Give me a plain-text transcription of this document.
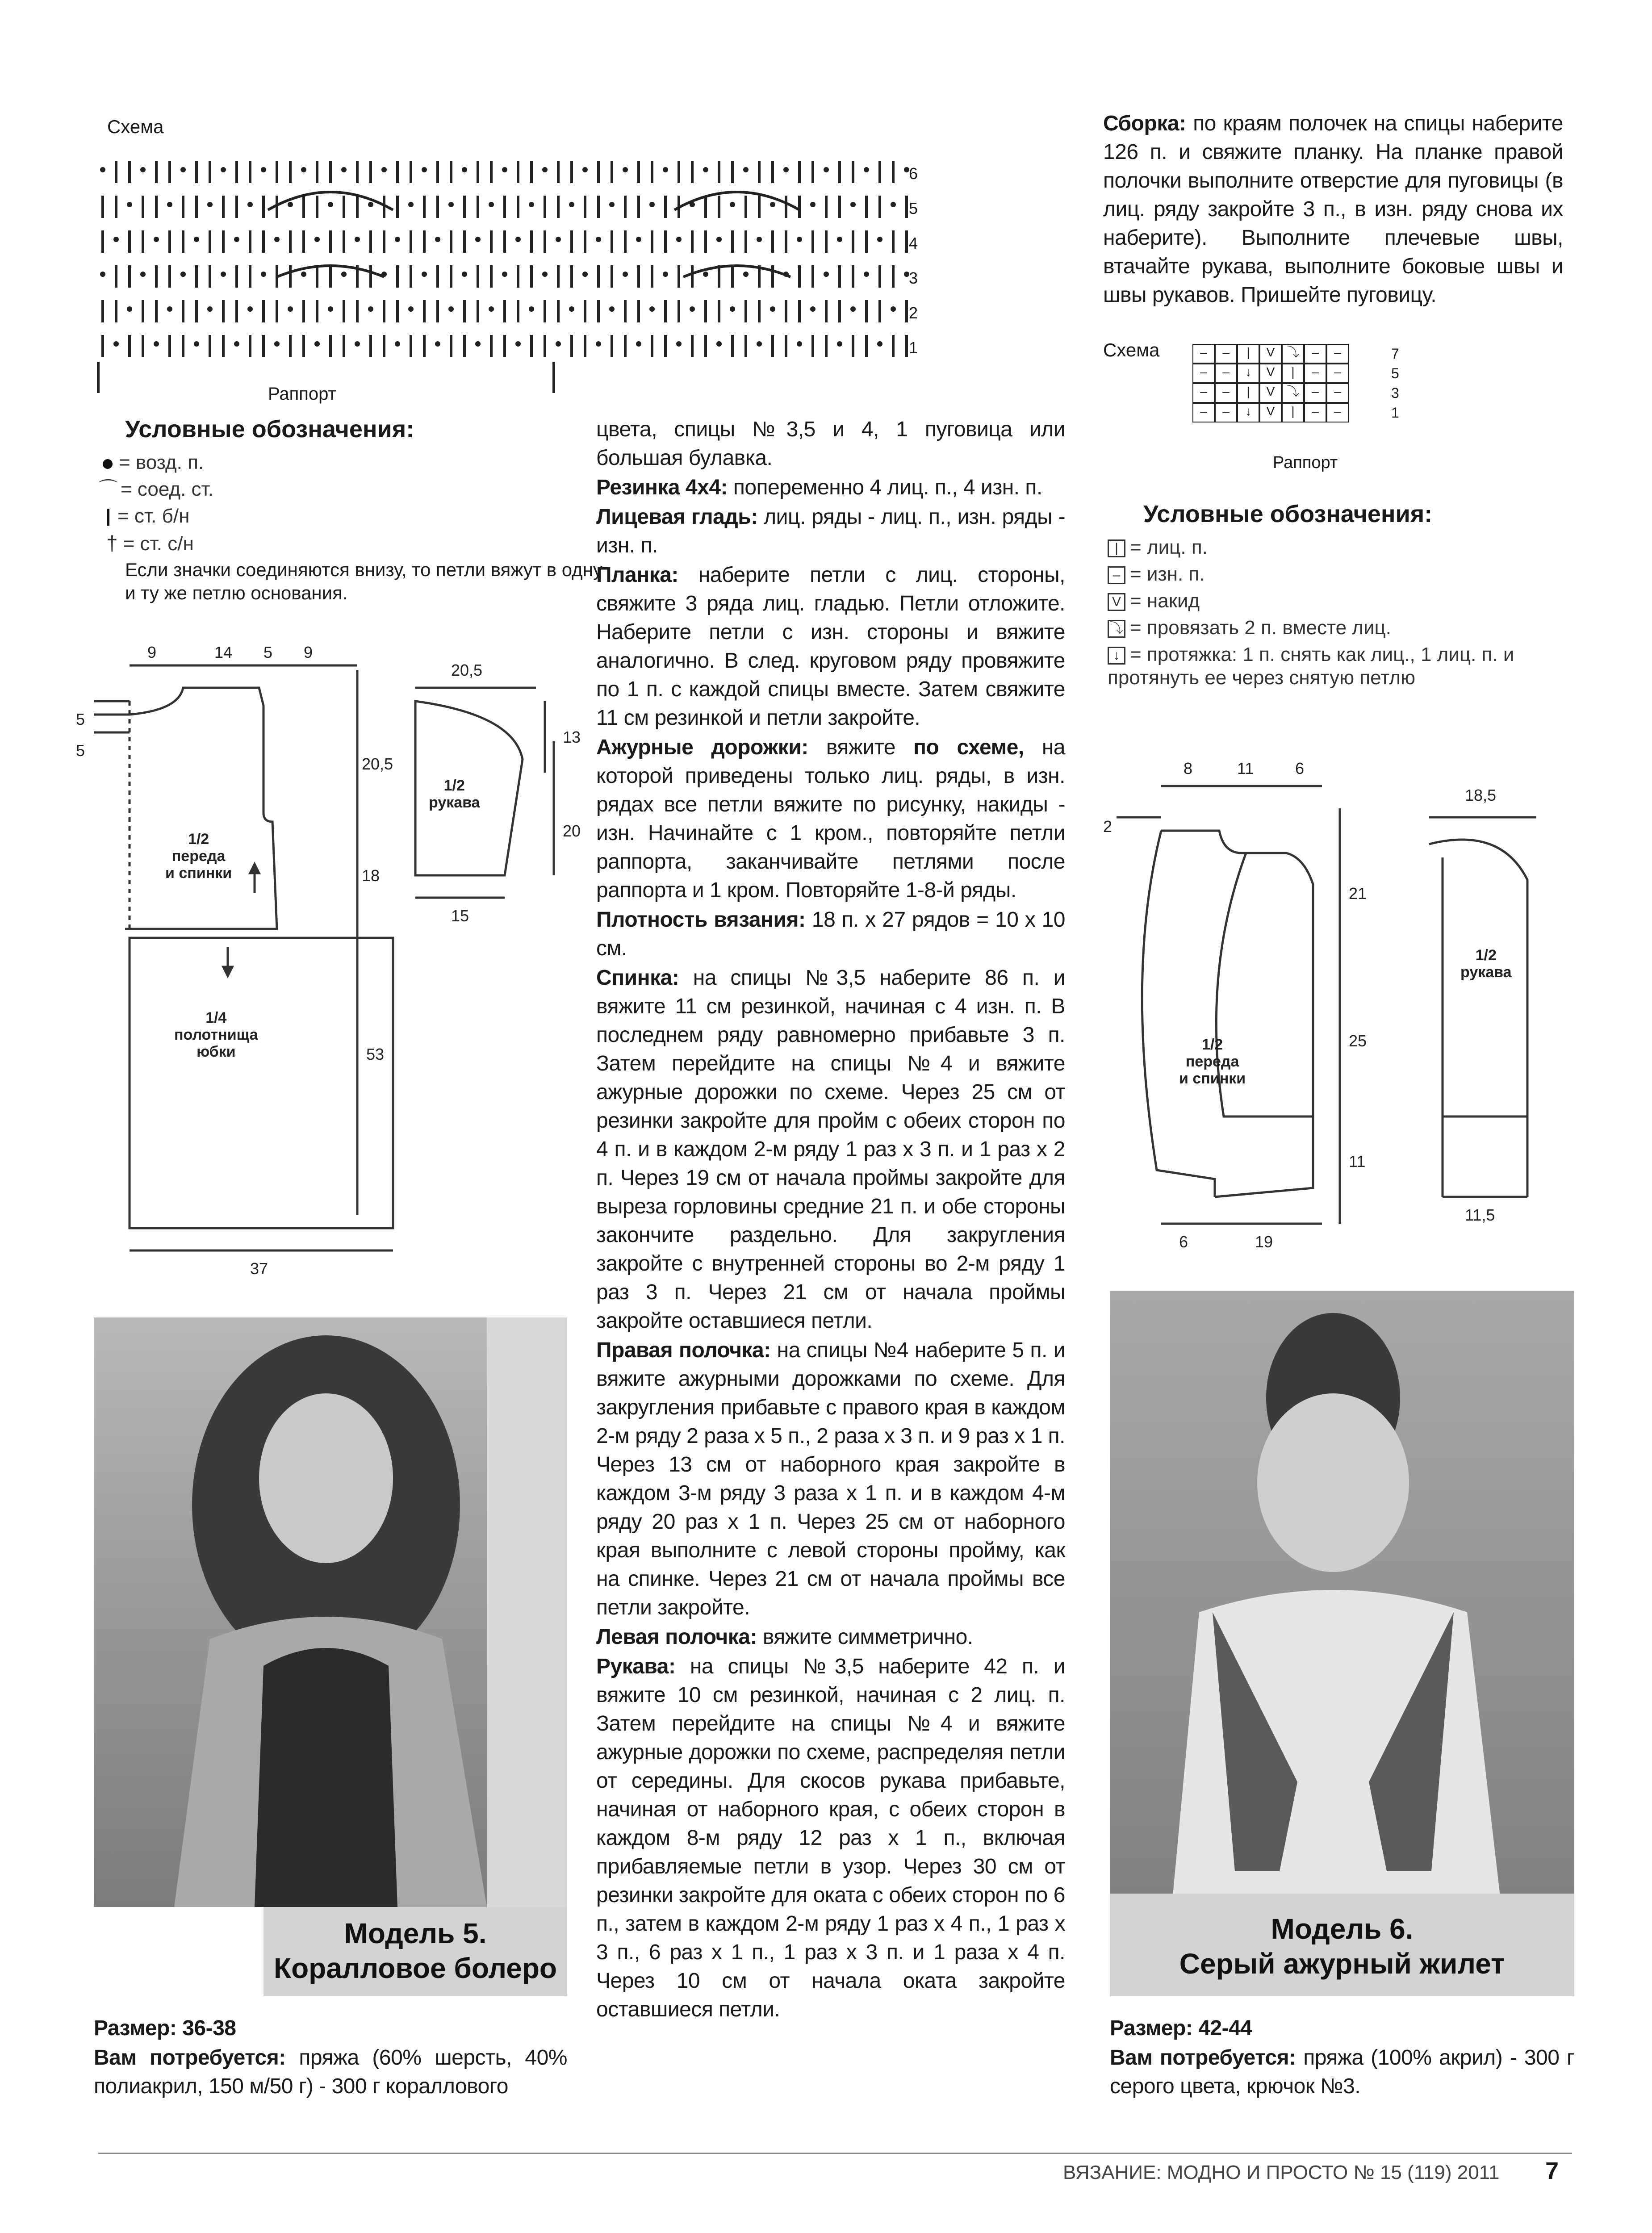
Схема
6
5
4
3
2
1
Раппорт
Условные обозначения:
= возд. п.
⌒ = соед. ст.
= ст. б/н
† = ст. с/н
Если значки соединяются внизу, то петли вяжут в одну и ту же петлю основания.
9	14 5 9
5
5
20,5
18
53
37
1/2
переда
и спинки
1/4
полотнища
юбки
20,5
13
20
15
1/2
рукава
Модель 5.
Коралловое болеро

Размер: 36-38

Вам потребуется: пряжа (60% шерсть, 40% полиакрил, 150 м/50 г) - 300 г кораллового

цвета, спицы №3,5 и 4, 1 пуговица или большая булавка.

Резинка 4х4: попеременно 4 лиц. п., 4 изн. п.

Лицевая гладь: лиц. ряды - лиц. п., изн. ряды - изн. п.

Планка: наберите петли с лиц. стороны, свяжите 3 ряда лиц. гладью. Петли отложите. Наберите петли с изн. стороны и вяжите аналогично. В след. круговом ряду провяжите по 1 п. с каждой спицы вместе. Затем свяжите 11 см резинкой и петли закройте.

Ажурные дорожки: вяжите по схеме, на которой приведены только лиц. ряды, в изн. рядах все петли вяжите по рисунку, накиды - изн. Начинайте с 1 кром., повторяйте петли раппорта, заканчивайте петлями после раппорта и 1 кром. Повторяйте 1-8-й ряды.

Плотность вязания: 18 п. х 27 рядов = 10 х 10 см.

Спинка: на спицы №3,5 наберите 86 п. и вяжите 11 см резинкой, начиная с 4 изн. п. В последнем ряду равномерно прибавьте 3 п. Затем перейдите на спицы №4 и вяжите ажурные дорожки по схеме. Через 25 см от резинки закройте для пройм с обеих сторон по 4 п. и в каждом 2-м ряду 1 раз х 3 п. и 1 раз х 2 п. Через 19 см от начала проймы закройте для выреза горловины средние 21 п. и обе стороны закончите раздельно. Для закругления закройте с внутренней стороны во 2-м ряду 1 раз 3 п. Через 21 см от начала проймы закройте оставшиеся петли.

Правая полочка: на спицы №4 наберите 5 п. и вяжите ажурными дорожками по схеме. Для закругления прибавьте с правого края в каждом 2-м ряду 2 раза х 5 п., 2 раза х 3 п. и 9 раз х 1 п. Через 13 см от наборного края закройте в каждом 3-м ряду 3 раза х 1 п. и в каждом 4-м ряду 20 раз х 1 п. Через 25 см от наборного края выполните с левой стороны пройму, как на спинке. Через 21 см от начала проймы все петли закройте.

Левая полочка: вяжите симметрично.

Рукава: на спицы №3,5 наберите 42 п. и вяжите 10 см резинкой, начиная с 2 лиц. п. Затем перейдите на спицы №4 и вяжите ажурные дорожки по схеме, распределяя петли от середины. Для скосов рукава прибавьте, начиная от наборного края, с обеих сторон в каждом 8-м ряду 12 раз х 1 п., включая прибавляемые петли в узор. Через 30 см от резинки закройте для оката с обеих сторон по 6 п., затем в каждом 2-м ряду 1 раз х 4 п., 1 раз х 3 п., 6 раз х 1 п., 1 раз х 3 п. и 1 раза х 4 п. Через 10 см от начала оката закройте оставшиеся петли.

Сборка: по краям полочек на спицы наберите 126 п. и свяжите планку. На планке правой полочки выполните отверстие для пуговицы (в лиц. ряду закройте 3 п., в изн. ряду снова их наберите). Выполните плечевые швы, втачайте рукава, выполните боковые швы и швы рукавов. Пришейте пуговицу.

Схема	–	–	|	V ⤵	–	–
–	–	↓	V	|	–	–
–	–	|	V ⤵	–	–
–	–	↓	V	|	–	–
7
5
3
1
Раппорт
Условные обозначения:
| = лиц. п.
– = изн. п.
V = накид
⤵ = провязать 2 п. вместе лиц.
↓ = протяжка: 1 п. снять как лиц., 1 лиц. п. и протянуть ее через снятую петлю
8	11	6
2
21
25
11
6	19
1/2
переда
и спинки
18,5
11,5
1/2
рукава
Модель 6.
Серый ажурный жилет

Размер: 42-44

Вам потребуется: пряжа (100% акрил) - 300 г серого цвета, крючок №3.

ВЯЗАНИЕ: МОДНО И ПРОСТО № 15 (119) 2011 7
